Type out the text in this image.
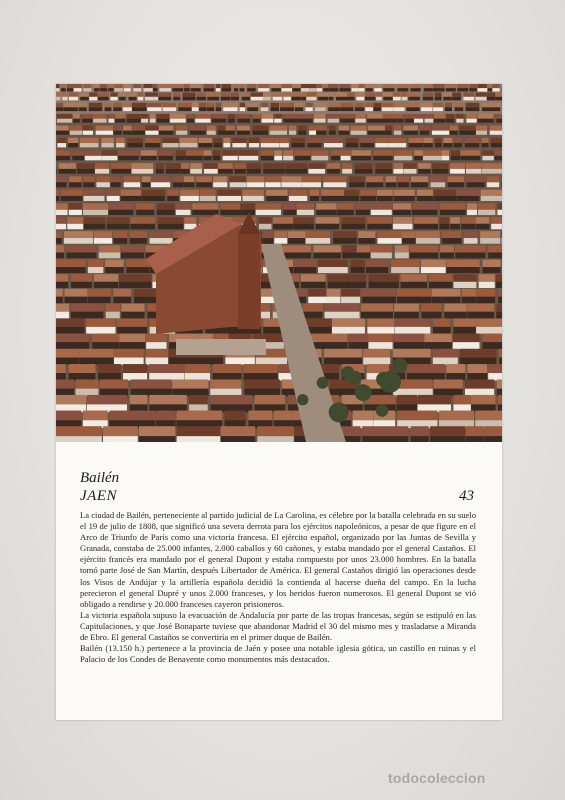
Bailén
JAEN	43

La ciudad de Bailén, perteneciente al partido judicial de La Carolina, es célebre por la batalla celebrada en su suelo el 19 de julio de 1808, que significó una severa derrota para los ejércitos napoleónicos, a pesar de que figure en el Arco de Triunfo de París como una victoria francesa. El ejército español, organizado por las Juntas de Sevilla y Granada, constaba de 25.000 infantes, 2.000 caballos y 60 cañones, y estaba mandado por el general Castaños. El ejército francés era mandado por el general Dupont y estaba compuesto por unos 23.000 hombres. En la batalla tomó parte José de San Martín, después Libertador de América. El general Castaños dirigió las operaciones desde los Visos de Andújar y la artillería española decidió la contienda al hacerse dueña del campo. En la lucha perecieron el general Dupré y unos 2.000 franceses, y los heridos fueron numerosos. El general Dupont se vió obligado a rendirse y 20.000 franceses cayeron prisioneros.

La victoria española supuso la evacuación de Andalucía por parte de las tropas francesas, según se estipuló en las Capitulaciones, y que José Bonaparte tuviese que abandonar Madrid el 30 del mismo mes y trasladarse a Miranda de Ebro. El general Castaños se convertiría en el primer duque de Bailén.

Bailén (13.150 h.) pertenece a la provincia de Jaén y posee una notable iglesia gótica, un castillo en ruinas y el Palacio de los Condes de Benavente como monumentos más destacados.

todocoleccion
